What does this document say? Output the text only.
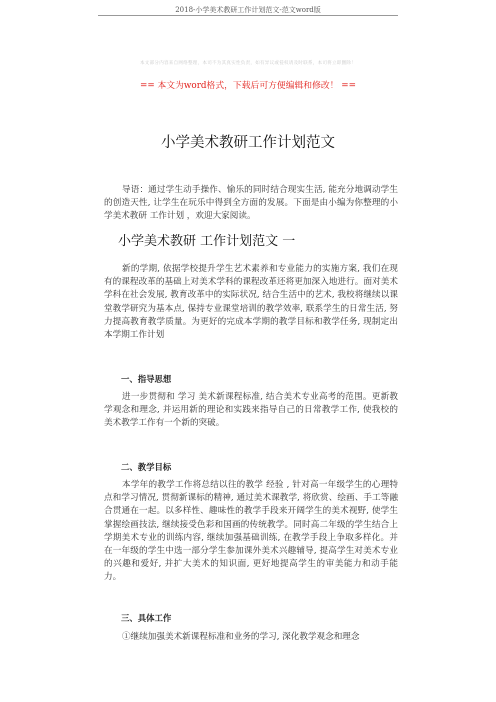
2018-小学美术教研工作计划范文-范文word版
本文部分内容来自网络整理，本司不为其真实性负责，如有异议或侵权请及时联系，本司将立即删除！
== 本文为word格式，下载后可方便编辑和修改！ ==
小学美术教研工作计划范文

导语：通过学生动手操作、愉乐的同时结合现实生活, 能充分地调动学生的创造天性, 让学生在玩乐中得到全方面的发展。下面是由小编为你整理的小学美术教研 工作计划 ，欢迎大家阅读。

小学美术教研 工作计划范文 一

新的学期, 依据学校提升学生艺术素养和专业能力的实施方案, 我们在现有的课程改革的基础上对美术学科的课程改革还将更加深入地进行。面对美术学科在社会发展, 教育改革中的实际状况, 结合生活中的艺术, 我校将继续以课堂教学研究为基本点, 保持专业课堂培训的教学效率, 联系学生的日常生活, 努力提高教育教学质量。为更好的完成本学期的教学目标和教学任务, 现制定出本学期工作计划

一、指导思想

进一步贯彻和 学习 美术新课程标准, 结合美术专业高考的范围。更新教学观念和理念, 并运用新的理论和实践来指导自己的日常教学工作, 使我校的美术教学工作有一个新的突破。

二、教学目标

本学年的教学工作将总结以往的教学 经验 , 针对高一年级学生的心理特点和学习情况, 贯彻新课标的精神, 通过美术课教学, 将欣赏、绘画、手工等融合贯通在一起。以多样性、趣味性的教学手段来开阔学生的美术视野, 使学生掌握绘画技法, 继续接受色彩和国画的传统教学。同时高二年级的学生结合上学期美术专业的训练内容, 继续加强基础训练, 在教学手段上争取多样化。并在一年级的学生中选一部分学生参加课外美术兴趣辅导, 提高学生对美术专业的兴趣和爱好, 并扩大美术的知识面, 更好地提高学生的审美能力和动手能力。

三、具体工作

①继续加强美术新课程标准和业务的学习, 深化教学观念和理念
